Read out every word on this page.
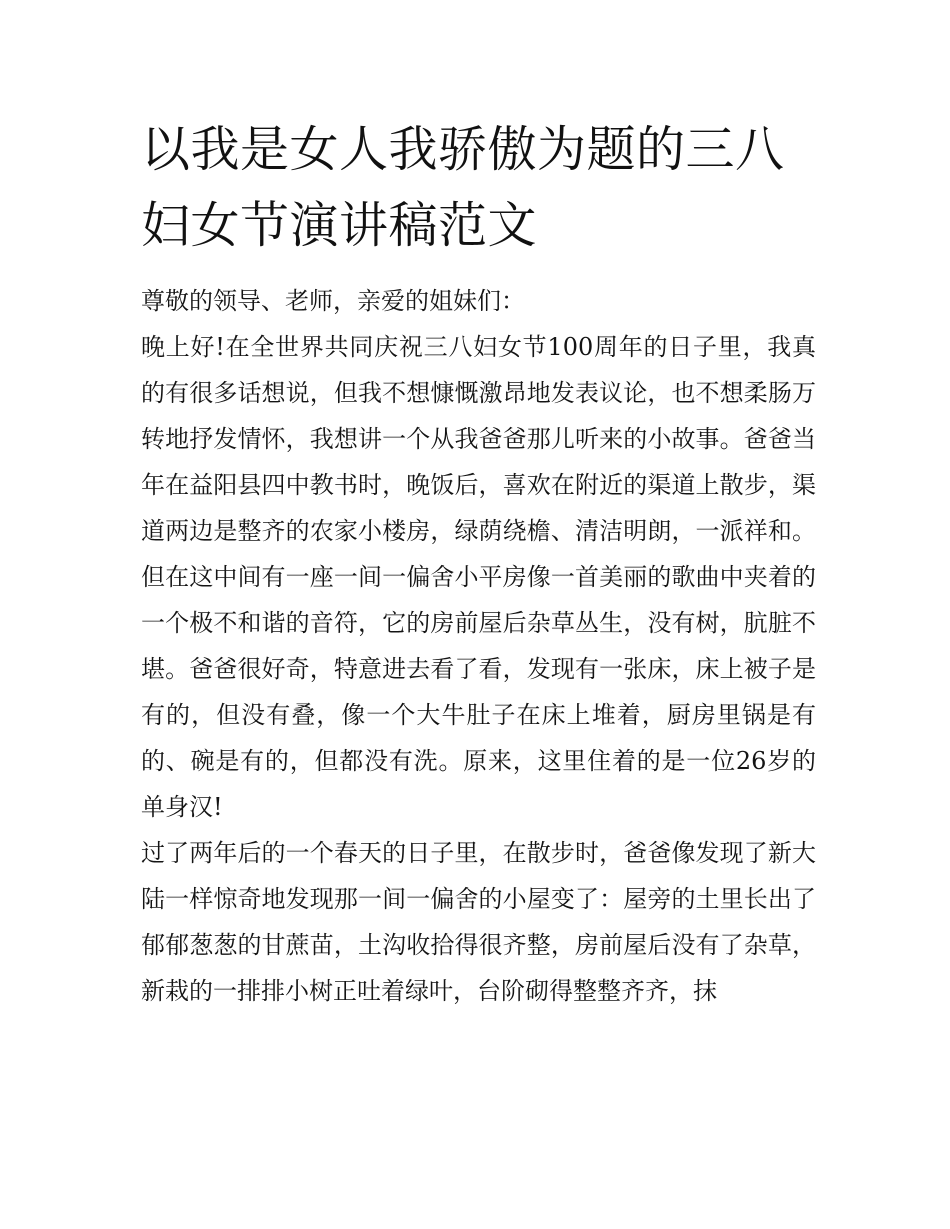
以我是女人我骄傲为题的三八妇女节演讲稿范文

尊敬的领导、老师，亲爱的姐妹们：

晚上好!在全世界共同庆祝三八妇女节100周年的日子里，我真的有很多话想说，但我不想慷慨激昂地发表议论，也不想柔肠万转地抒发情怀，我想讲一个从我爸爸那儿听来的小故事。爸爸当年在益阳县四中教书时，晚饭后，喜欢在附近的渠道上散步，渠道两边是整齐的农家小楼房，绿荫绕檐、清洁明朗，一派祥和。但在这中间有一座一间一偏舍小平房像一首美丽的歌曲中夹着的一个极不和谐的音符，它的房前屋后杂草丛生，没有树，肮脏不堪。爸爸很好奇，特意进去看了看，发现有一张床，床上被子是有的，但没有叠，像一个大牛肚子在床上堆着，厨房里锅是有的、碗是有的，但都没有洗。原来，这里住着的是一位26岁的单身汉!

过了两年后的一个春天的日子里，在散步时，爸爸像发现了新大陆一样惊奇地发现那一间一偏舍的小屋变了：屋旁的土里长出了郁郁葱葱的甘蔗苗，土沟收拾得很齐整，房前屋后没有了杂草，新栽的一排排小树正吐着绿叶，台阶砌得整整齐齐，抹
